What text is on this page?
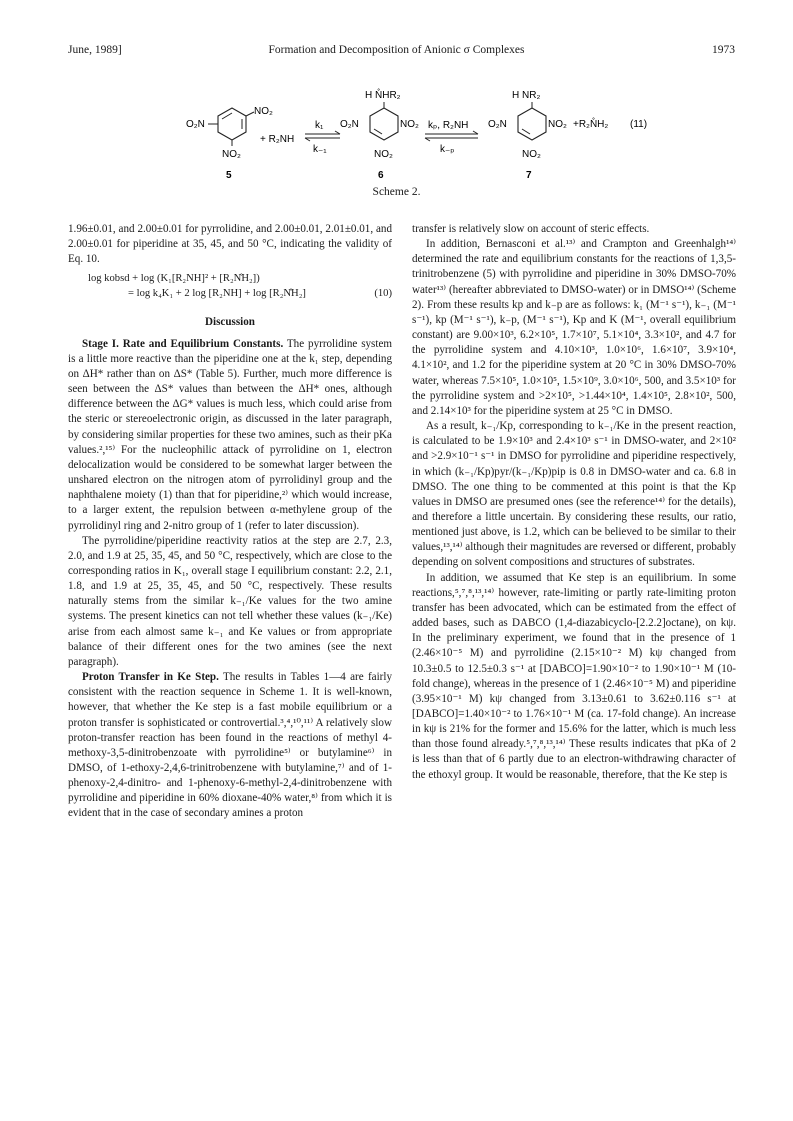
June, 1989]	Formation and Decomposition of Anionic σ Complexes	1973
O₂N
NO₂
NO₂
+ R₂NH
k₁
k₋₁
H N̊HR₂
O₂N	NO₂
NO₂
kₚ, R₂NH
k₋ₚ
H NR₂
O₂N	NO₂
NO₂
+R₂N̊H₂ (11)
5	6	7
Scheme 2.

1.96±0.01, and 2.00±0.01 for pyrrolidine, and 2.00±0.01, 2.01±0.01, and 2.00±0.01 for piperidine at 35, 45, and 50 °C, indicating the validity of Eq. 10.

log kobsd + log (K₁[R₂NH]² + [R₂N̊H₂])
= log k₄K₁ + 2 log [R₂NH] + log [R₂N̊H₂]	(10)
Discussion

Stage I. Rate and Equilibrium Constants. The pyrrolidine system is a little more reactive than the piperidine one at the k₁ step, depending on ΔH* rather than on ΔS* (Table 5). Further, much more difference is seen between the ΔS* values than between the ΔH* ones, although difference between the ΔG* values is much less, which could arise from the steric or stereoelectronic origin, as discussed in the later paragraph, by considering similar properties for these two amines, such as their pKa values.²,¹⁵⁾ For the nucleophilic attack of pyrrolidine on 1, electron delocalization would be considered to be somewhat larger between the unshared electron on the nitrogen atom of pyrrolidinyl group and the naphthalene moiety (1) than that for piperidine,²⁾ which would increase, to a larger extent, the repulsion between α-methylene group of the pyrrolidinyl ring and 2-nitro group of 1 (refer to later discussion).

The pyrrolidine/piperidine reactivity ratios at the step are 2.7, 2.3, 2.0, and 1.9 at 25, 35, 45, and 50 °C, respectively, which are close to the corresponding ratios in K₁, overall stage I equilibrium constant: 2.2, 2.1, 1.8, and 1.9 at 25, 35, 45, and 50 °C, respectively. These results naturally stems from the similar k₋₁/Ke values for the two amine systems. The present kinetics can not tell whether these values (k₋₁/Ke) arise from each almost same k₋₁ and Ke values or from appropriate balance of their different ones for the two amines (see the next paragraph).

Proton Transfer in Ke Step. The results in Tables 1—4 are fairly consistent with the reaction sequence in Scheme 1. It is well-known, however, that whether the Ke step is a fast mobile equilibrium or a proton transfer is sophisticated or controvertial.³,⁴,¹⁰,¹¹⁾ A relatively slow proton-transfer reaction has been found in the reactions of methyl 4-methoxy-3,5-dinitrobenzoate with pyrrolidine⁵⁾ or butylamine⁶⁾ in DMSO, of 1-ethoxy-2,4,6-trinitrobenzene with butylamine,⁷⁾ and of 1-phenoxy-2,4-dinitro- and 1-phenoxy-6-methyl-2,4-dinitrobenzene with pyrrolidine and piperidine in 60% dioxane-40% water,⁸⁾ from which it is evident that in the case of secondary amines a proton

transfer is relatively slow on account of steric effects.

In addition, Bernasconi et al.¹³⁾ and Crampton and Greenhalgh¹⁴⁾ determined the rate and equilibrium constants for the reactions of 1,3,5-trinitrobenzene (5) with pyrrolidine and piperidine in 30% DMSO-70% water¹³⁾ (hereafter abbreviated to DMSO-water) or in DMSO¹⁴⁾ (Scheme 2). From these results kp and k₋p are as follows: k₁ (M⁻¹ s⁻¹), k₋₁ (M⁻¹ s⁻¹), kp (M⁻¹ s⁻¹), k₋p, (M⁻¹ s⁻¹), Kp and K (M⁻¹, overall equilibrium constant) are 9.00×10³, 6.2×10⁵, 1.7×10⁷, 5.1×10⁴, 3.3×10², and 4.7 for the pyrrolidine system and 4.10×10³, 1.0×10⁶, 1.6×10⁷, 3.9×10⁴, 4.1×10², and 1.2 for the piperidine system at 20 °C in 30% DMSO-70% water, whereas 7.5×10⁵, 1.0×10⁵, 1.5×10⁹, 3.0×10⁶, 500, and 3.5×10³ for the pyrrolidine system and >2×10⁵, >1.44×10⁴, 1.4×10⁵, 2.8×10², 500, and 2.14×10³ for the piperidine system at 25 °C in DMSO.

As a result, k₋₁/Kp, corresponding to k₋₁/Ke in the present reaction, is calculated to be 1.9×10³ and 2.4×10³ s⁻¹ in DMSO-water, and 2×10² and >2.9×10⁻¹ s⁻¹ in DMSO for pyrrolidine and piperidine respectively, in which (k₋₁/Kp)pyr/(k₋₁/Kp)pip is 0.8 in DMSO-water and ca. 6.8 in DMSO. The one thing to be commented at this point is that the Kp values in DMSO are presumed ones (see the reference¹⁴⁾ for the details), and therefore a little uncertain. By considering these results, our ratio, mentioned just above, is 1.2, which can be believed to be similar to their values,¹³,¹⁴⁾ although their magnitudes are reversed or different, probably depending on solvent compositions and structures of substrates.

In addition, we assumed that Ke step is an equilibrium. In some reactions,⁵,⁷,⁸,¹³,¹⁴⁾ however, rate-limiting or partly rate-limiting proton transfer has been advocated, which can be estimated from the effect of added bases, such as DABCO (1,4-diazabicyclo-[2.2.2]octane), on kψ. In the preliminary experiment, we found that in the presence of 1 (2.46×10⁻⁵ M) and pyrrolidine (2.15×10⁻² M) kψ changed from 10.3±0.5 to 12.5±0.3 s⁻¹ at [DABCO]=1.90×10⁻² to 1.90×10⁻¹ M (10-fold change), whereas in the presence of 1 (2.46×10⁻⁵ M) and piperidine (3.95×10⁻¹ M) kψ changed from 3.13±0.61 to 3.62±0.116 s⁻¹ at [DABCO]=1.40×10⁻² to 1.76×10⁻¹ M (ca. 17-fold change). An increase in kψ is 21% for the former and 15.6% for the latter, which is much less than those found already.⁵,⁷,⁸,¹³,¹⁴⁾ These results indicates that pKa of 2 is less than that of 6 partly due to an electron-withdrawing character of the ethoxyl group. It would be reasonable, therefore, that the Ke step is
